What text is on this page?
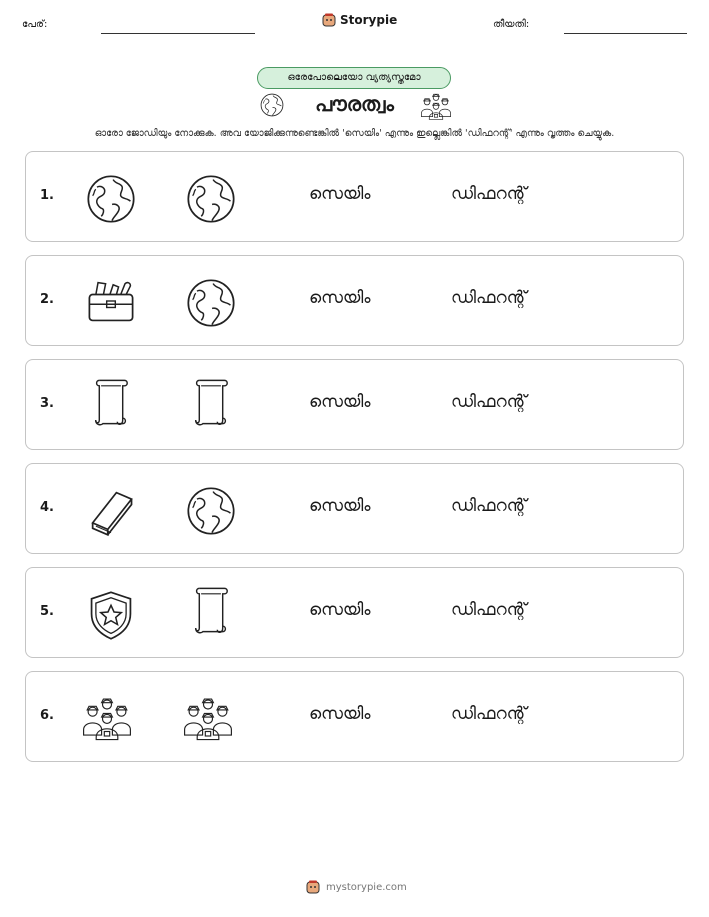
പേര്:	Storypie	തീയതി:
ഒരേപോലെയോ വ്യത്യസ്തമോ
പൗരത്വം
ഓരോ ജോഡിയും നോക്കുക. അവ യോജിക്കുന്നുണ്ടെങ്കിൽ 'സെയിം' എന്നും ഇല്ലെങ്കിൽ 'ഡിഫറന്റ്' എന്നും വൃത്തം ചെയ്യുക.
1.	സെയിം	ഡിഫറന്റ്
2.	സെയിം	ഡിഫറന്റ്
3.	സെയിം	ഡിഫറന്റ്
4.	സെയിം	ഡിഫറന്റ്
5.	സെയിം	ഡിഫറന്റ്
6.	സെയിം	ഡിഫറന്റ്
mystorypie.com
